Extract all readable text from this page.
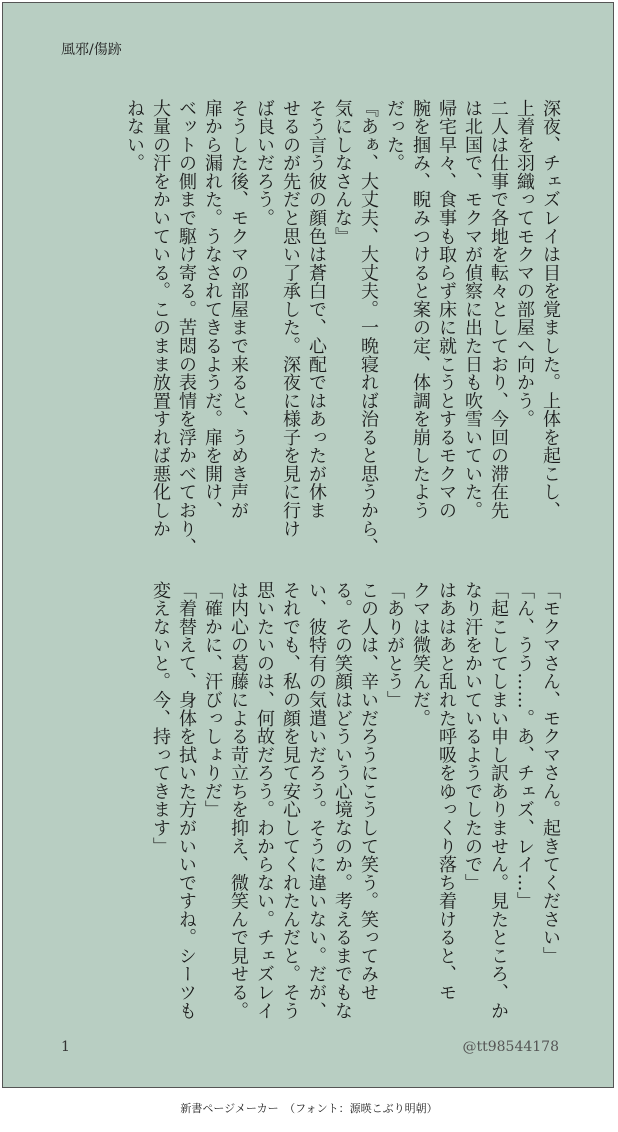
風邪/傷跡
深夜、チェズレイは目を覚ました。上体を起こし、
上着を羽織ってモクマの部屋へ向かう。
二人は仕事で各地を転々としており、今回の滞在先
は北国で、モクマが偵察に出た日も吹雪いていた。
帰宅早々、食事も取らず床に就こうとするモクマの
腕を掴み、睨みつけると案の定、体調を崩したよう
だった。
『あぁ、大丈夫、大丈夫。一晩寝れば治ると思うから、
気にしなさんな』
そう言う彼の顔色は蒼白で、心配ではあったが休ま
せるのが先だと思い了承した。深夜に様子を見に行け
ば良いだろう。
そうした後、モクマの部屋まで来ると、うめき声が
扉から漏れた。うなされてきるようだ。扉を開け、
ベットの側まで駆け寄る。苦悶の表情を浮かべており、
大量の汗をかいている。このまま放置すれば悪化しか
ねない。
「モクマさん、モクマさん。起きてください」
「ん、うう……。あ、チェズ、レイ…」
「起こしてしまい申し訳ありません。見たところ、か
なり汗をかいているようでしたので」
はあはあと乱れた呼吸をゆっくり落ち着けると、モ
クマは微笑んだ。
「ありがとう」
この人は、辛いだろうにこうして笑う。笑ってみせ
る。その笑顔はどういう心境なのか。考えるまでもな
い、彼特有の気遣いだろう。そうに違いない。だが、
それでも、私の顔を見て安心してくれたんだと。そう
思いたいのは、何故だろう。わからない。チェズレイ
は内心の葛藤による苛立ちを抑え、微笑んで見せる。
「確かに、汗びっしょりだ」
「着替えて、身体を拭いた方がいいですね。シーツも
変えないと。今、持ってきます」
1	@tt98544178
新書ページメーカー　（フォント：源暎こぶり明朝）
